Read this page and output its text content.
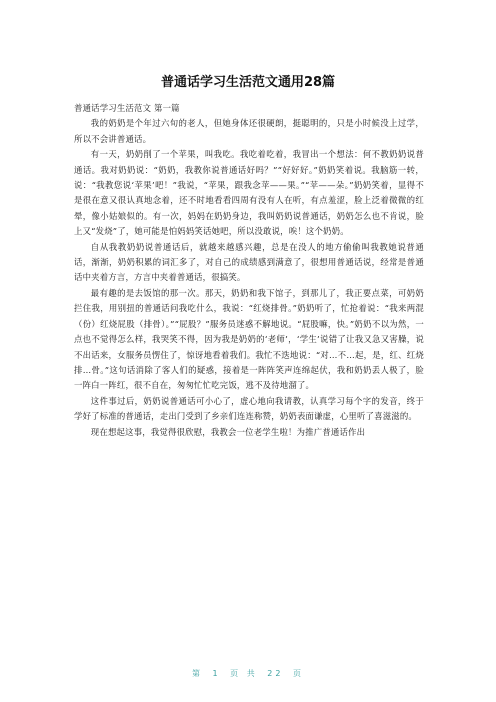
普通话学习生活范文通用28篇

普通话学习生活范文 第一篇

我的奶奶是个年过六旬的老人，但她身体还很硬朗，挺聪明的，只是小时候没上过学，所以不会讲普通话。

有一天，奶奶削了一个苹果，叫我吃。我吃着吃着，我冒出一个想法：何不教奶奶说普通话。我对奶奶说：“奶奶，我教你说普通话好吗？”“好好好。”奶奶笑着说。我脑筋一转，说：“我教您说‘苹果’吧！”我说，“苹果，跟我念苹——果。”“苹——朵。”奶奶笑着，显得不是很在意又很认真地念着，还不时地看看四周有没有人在听，有点羞涩，脸上泛着微微的红晕，像小姑娘似的。有一次，妈妈在奶奶身边，我叫奶奶说普通话，奶奶怎么也不肯说，脸上又“发烧”了，她可能是怕妈妈笑话她吧，所以没敢说，唉！这个奶奶。

自从我教奶奶说普通话后，就越来越感兴趣，总是在没人的地方偷偷叫我教她说普通话，渐渐，奶奶积累的词汇多了，对自己的成绩感到满意了，很想用普通话说，经常是普通话中夹着方言，方言中夹着普通话，很搞笑。

最有趣的是去饭馆的那一次。那天，奶奶和我下馆子，到那儿了，我正要点菜，可奶奶拦住我，用别扭的普通话问我吃什么，我说：“红烧排骨。”奶奶听了，忙抢着说：“我来两混（份）红烧屁股（排骨）。”“屁股？”服务员迷惑不解地说。“屁股嘛，快。”奶奶不以为然，一点也不觉得怎么样，我哭笑不得，因为我是奶奶的‘老师’，‘学生’说错了让我又急又害臊，说不出话来，女服务员愣住了，惊讶地看着我们。我忙不迭地说：“对…不…起，是，红、红烧排…骨。”这句话消除了客人们的疑惑，接着是一阵阵笑声连绵起伏，我和奶奶丢人极了，脸一阵白一阵红，很不自在，匆匆忙忙吃完饭，逃不及待地溜了。

这件事过后，奶奶说普通话可小心了，虚心地向我请教，认真学习每个字的发音，终于学好了标准的普通话，走出门受到了乡亲们连连称赞，奶奶表面谦虚，心里听了喜滋滋的。

现在想起这事，我觉得很欣慰，我教会一位老学生啦！为推广普通话作出

第 1 页 共 22 页
